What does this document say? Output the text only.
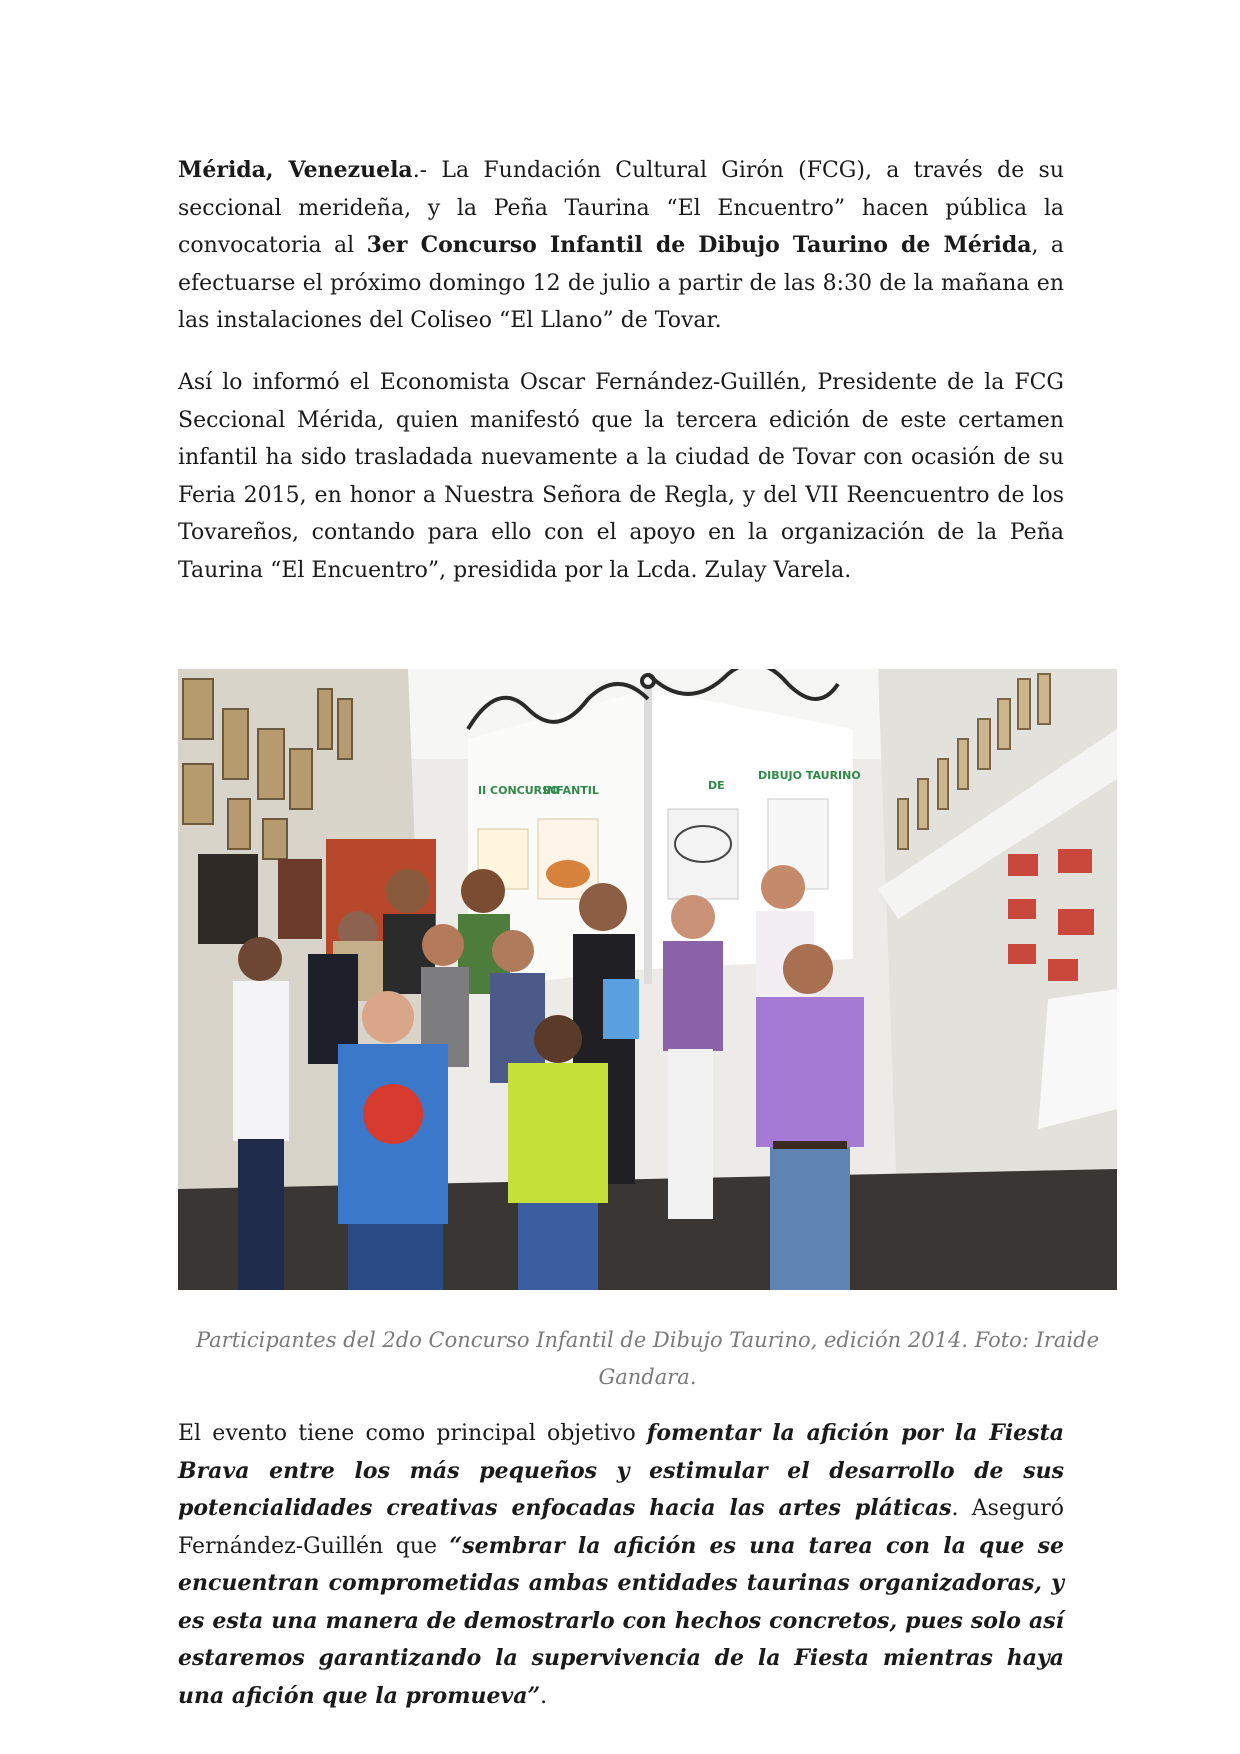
Mérida, Venezuela.- La Fundación Cultural Girón (FCG), a través de su seccional merideña, y la Peña Taurina “El Encuentro” hacen pública la convocatoria al 3er Concurso Infantil de Dibujo Taurino de Mérida, a efectuarse el próximo domingo 12 de julio a partir de las 8:30 de la mañana en las instalaciones del Coliseo “El Llano” de Tovar.

Así lo informó el Economista Oscar Fernández-Guillén, Presidente de la FCG Seccional Mérida, quien manifestó que la tercera edición de este certamen infantil ha sido trasladada nuevamente a la ciudad de Tovar con ocasión de su Feria 2015, en honor a Nuestra Señora de Regla, y del VII Reencuentro de los Tovareños, contando para ello con el apoyo en la organización de la Peña Taurina “El Encuentro”, presidida por la Lcda. Zulay Varela.

II CONCURSO
INFANTIL	DE
DIBUJO TAURINO
Participantes del 2do Concurso Infantil de Dibujo Taurino, edición 2014. Foto: Iraide Gandara.

El evento tiene como principal objetivo fomentar la afición por la Fiesta Brava entre los más pequeños y estimular el desarrollo de sus potencialidades creativas enfocadas hacia las artes pláticas. Aseguró Fernández-Guillén que “sembrar la afición es una tarea con la que se encuentran comprometidas ambas entidades taurinas organizadoras, y es esta una manera de demostrarlo con hechos concretos, pues solo así estaremos garantizando la supervivencia de la Fiesta mientras haya una afición que la promueva”.
